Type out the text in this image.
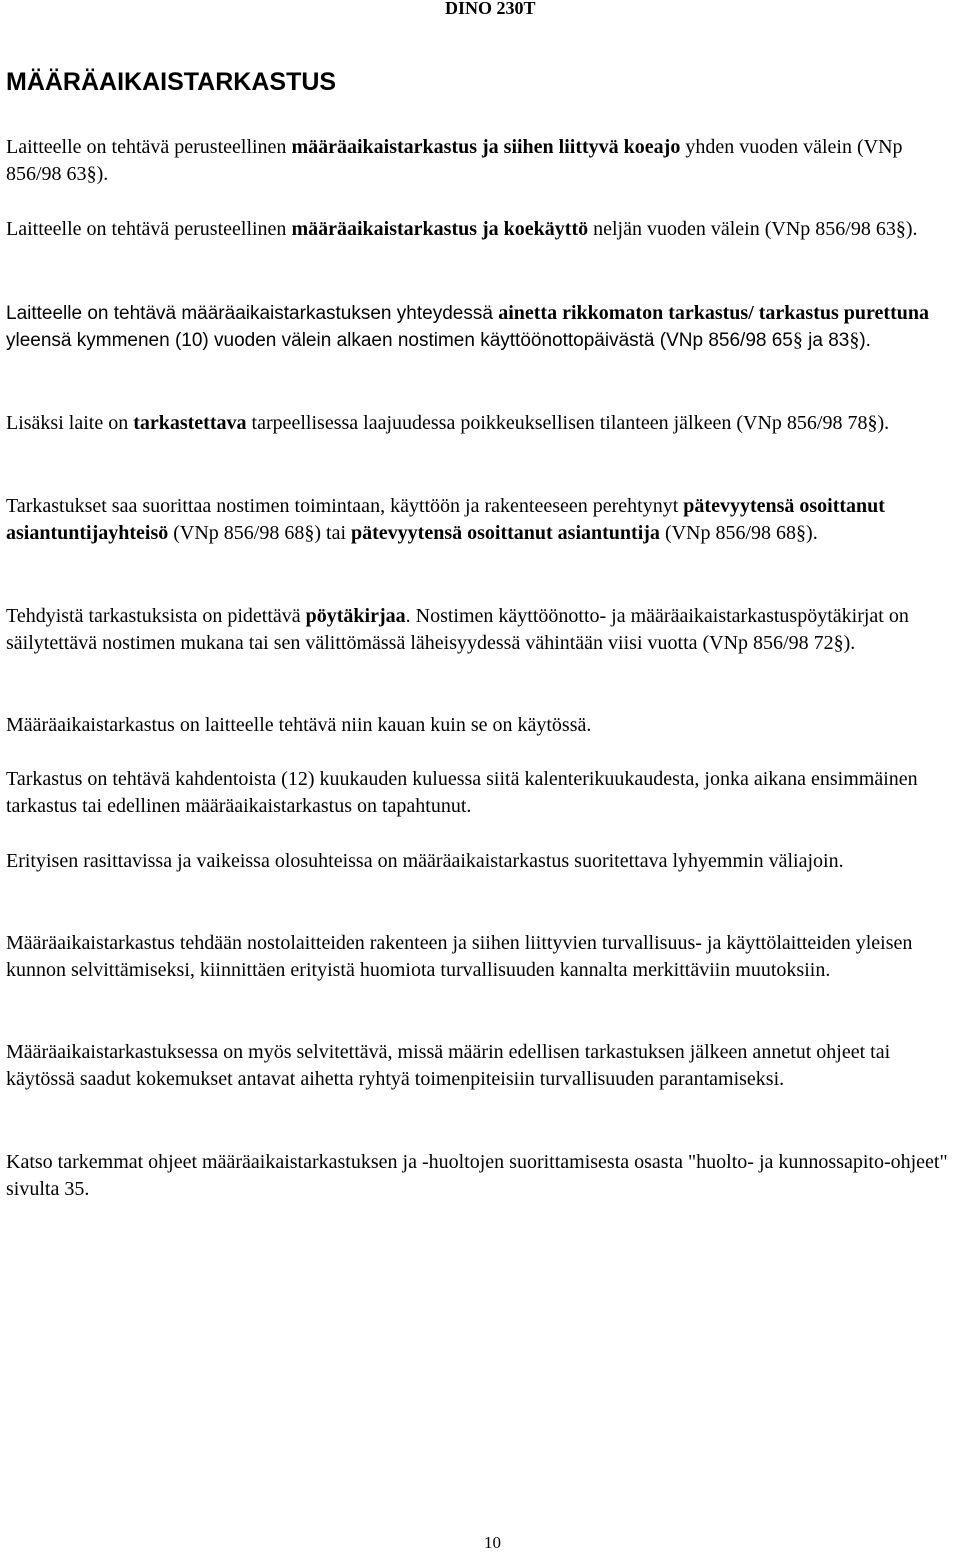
DINO 230T
MÄÄRÄAIKAISTARKASTUS

Laitteelle on tehtävä perusteellinen määräaikaistarkastus ja siihen liittyvä koeajo yhden vuoden välein (VNp 856/98 63§).

Laitteelle on tehtävä perusteellinen määräaikaistarkastus ja koekäyttö neljän vuoden välein (VNp 856/98 63§).

Laitteelle on tehtävä määräaikaistarkastuksen yhteydessä ainetta rikkomaton tarkastus/ tarkastus purettuna yleensä kymmenen (10) vuoden välein alkaen nostimen käyttöönottopäivästä (VNp 856/98 65§ ja 83§).

Lisäksi laite on tarkastettava tarpeellisessa laajuudessa poikkeuksellisen tilanteen jälkeen (VNp 856/98 78§).

Tarkastukset saa suorittaa nostimen toimintaan, käyttöön ja rakenteeseen perehtynyt pätevyytensä osoittanut asiantuntijayhteisö (VNp 856/98 68§) tai pätevyytensä osoittanut asiantuntija (VNp 856/98 68§).

Tehdyistä tarkastuksista on pidettävä pöytäkirjaa. Nostimen käyttöönotto- ja määräaikaistarkastuspöytäkirjat on säilytettävä nostimen mukana tai sen välittömässä läheisyydessä vähintään viisi vuotta (VNp 856/98 72§).

Määräaikaistarkastus on laitteelle tehtävä niin kauan kuin se on käytössä.

Tarkastus on tehtävä kahdentoista (12) kuukauden kuluessa siitä kalenterikuukaudesta, jonka aikana ensimmäinen tarkastus tai edellinen määräaikaistarkastus on tapahtunut.

Erityisen rasittavissa ja vaikeissa olosuhteissa on määräaikaistarkastus suoritettava lyhyemmin väliajoin.

Määräaikaistarkastus tehdään nostolaitteiden rakenteen ja siihen liittyvien turvallisuus- ja käyttölaitteiden yleisen kunnon selvittämiseksi, kiinnittäen erityistä huomiota turvallisuuden kannalta merkittäviin muutoksiin.

Määräaikaistarkastuksessa on myös selvitettävä, missä määrin edellisen tarkastuksen jälkeen annetut ohjeet tai käytössä saadut kokemukset antavat aihetta ryhtyä toimenpiteisiin turvallisuuden parantamiseksi.

Katso tarkemmat ohjeet määräaikaistarkastuksen ja -huoltojen suorittamisesta osasta "huolto- ja kunnossapito-ohjeet" sivulta 35.

10
